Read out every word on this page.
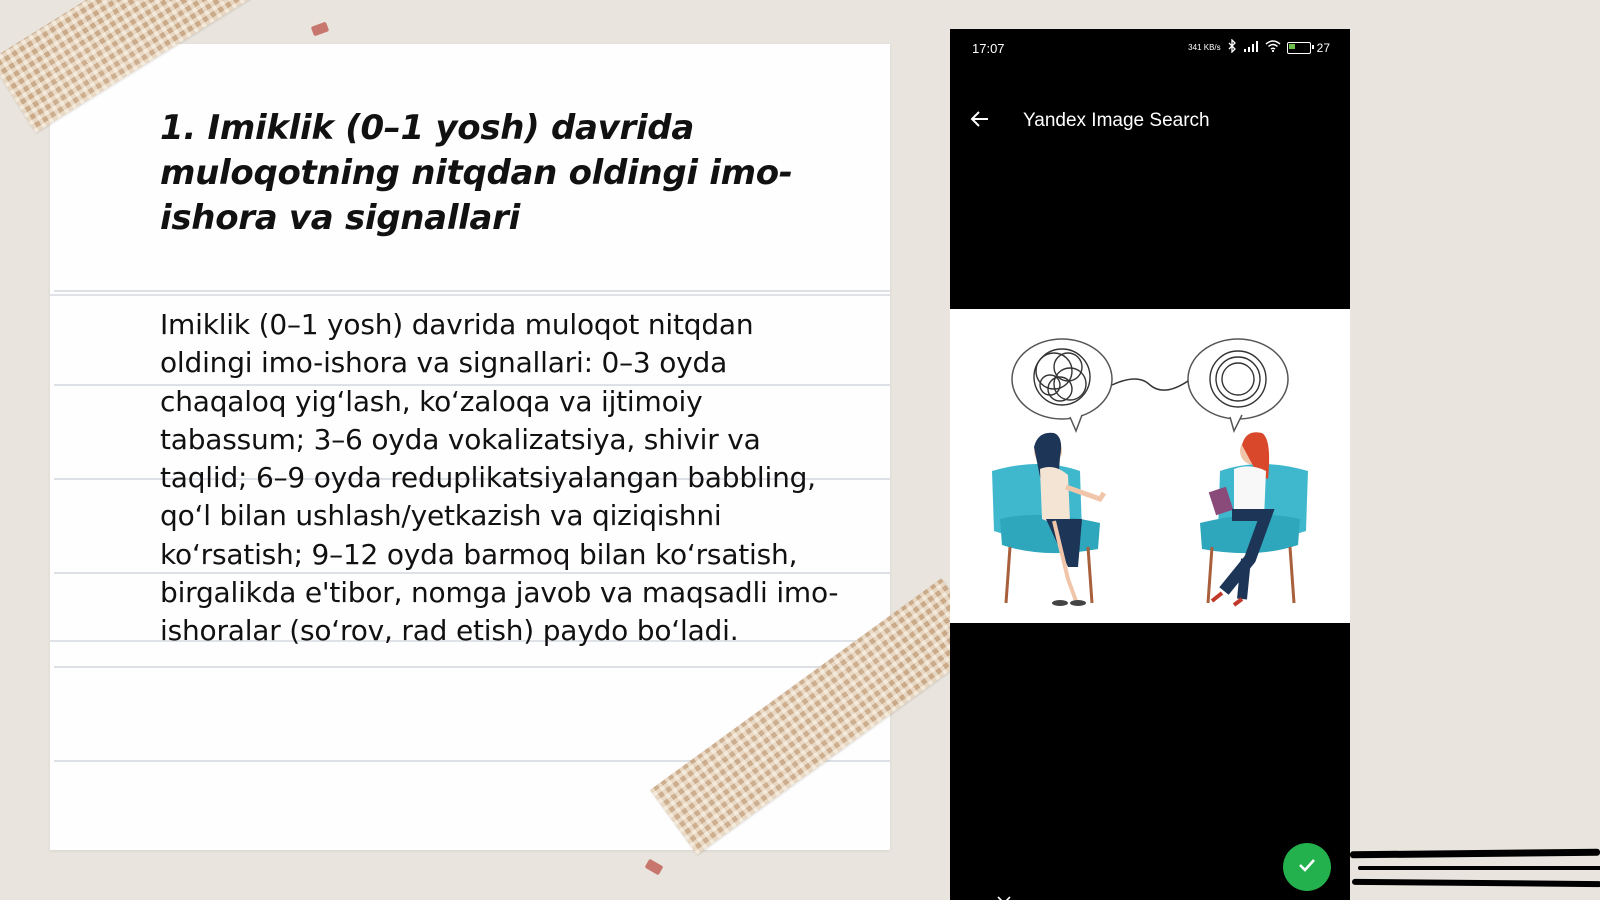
1. Imiklik (0–1 yosh) davrida muloqotning nitqdan oldingi imo-ishora va signallari

Imiklik (0–1 yosh) davrida muloqot nitqdan oldingi imo-ishora va signallari: 0–3 oyda chaqaloq yig‘lash, ko‘zaloqa va ijtimoiy tabassum; 3–6 oyda vokalizatsiya, shivir va taqlid; 6–9 oyda reduplikatsiyalangan babbling, qo‘l bilan ushlash/yetkazish va qiziqishni ko‘rsatish; 9–12 oyda barmoq bilan ko‘rsatish, birgalikda e'tibor, nomga javob va maqsadli imo-ishoralar (so‘rov, rad etish) paydo bo‘ladi.

17:07	341 KB/s	27
Yandex Image Search
